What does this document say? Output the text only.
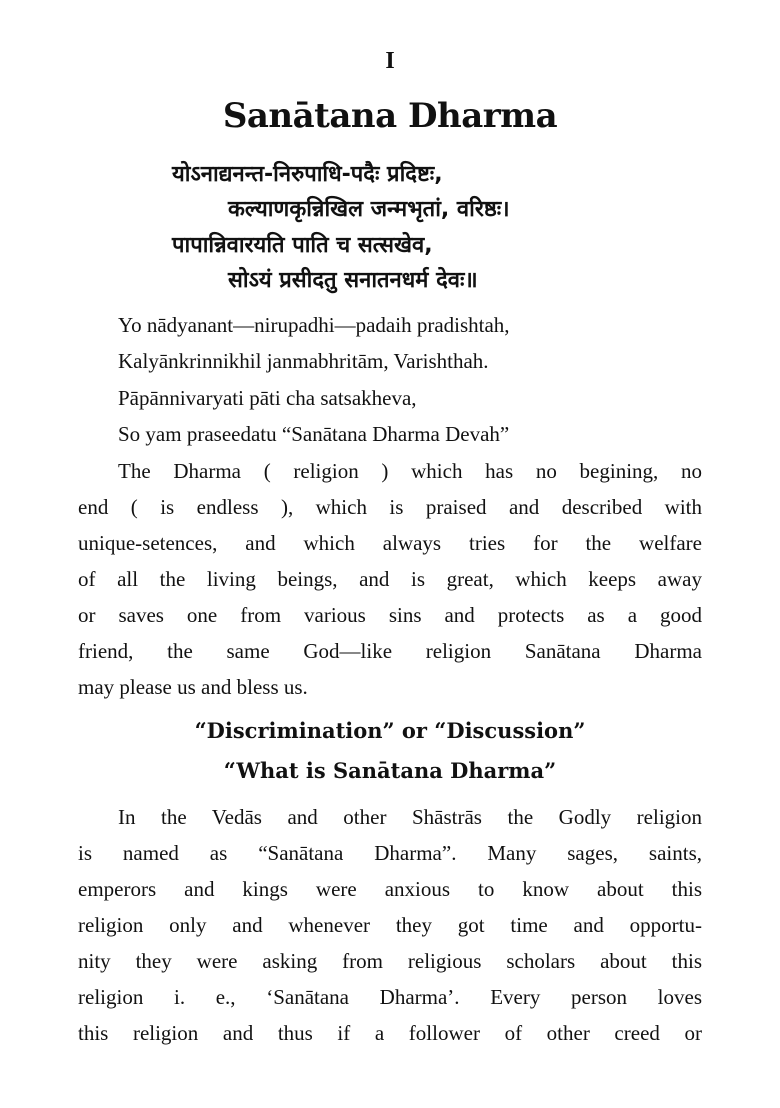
I
Sanātana Dharma
योऽनाद्यनन्त-निरुपाधि-पदैः प्रदिष्टः,
कल्याणकृन्निखिल जन्मभृतां, वरिष्ठः।
पापान्निवारयति पाति च सत्सखेव,
सोऽयं प्रसीदतु सनातनधर्म देवः॥
Yo nādyanant—nirupadhi—padaih pradishtah,
Kalyānkrinnikhil janmabhritām, Varishthah.
Pāpānnivaryati pāti cha satsakheva,
So yam praseedatu “Sanātana Dharma Devah”
The Dharma ( religion ) which has no begining, no
end ( is endless ), which is praised and described with
unique-setences, and which always tries for the welfare
of all the living beings, and is great, which keeps away
or saves one from various sins and protects as a good
friend, the same God—like religion Sanātana Dharma
may please us and bless us.
“Discrimination” or “Discussion”
“What is Sanātana Dharma”
In the Vedās and other Shāstrās the Godly religion
is named as “Sanātana Dharma”. Many sages, saints,
emperors and kings were anxious to know about this
religion only and whenever they got time and opportu-
nity they were asking from religious scholars about this
religion i. e., ‘Sanātana Dharma’. Every person loves
this religion and thus if a follower of other creed or
